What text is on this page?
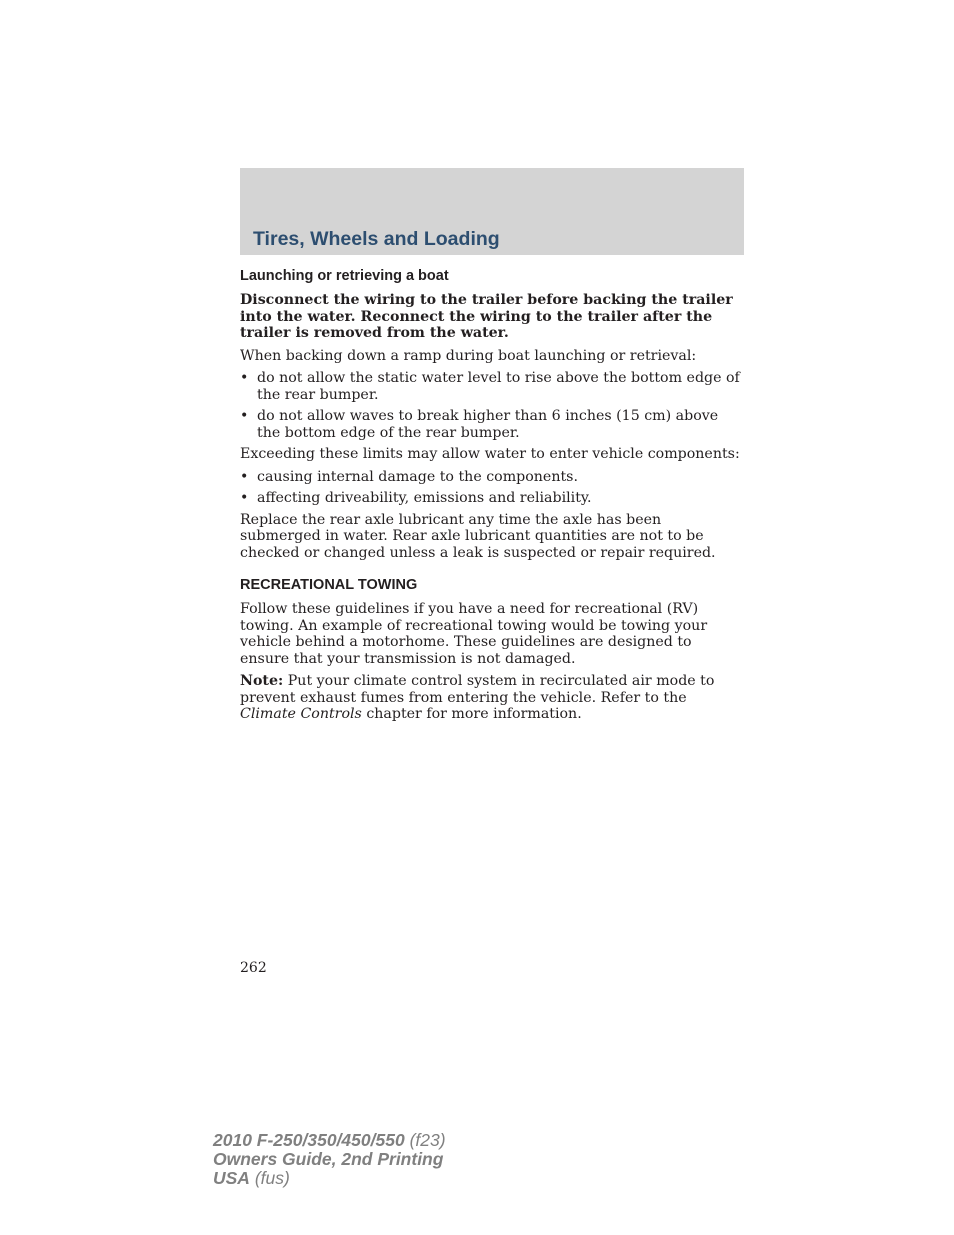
Tires, Wheels and Loading
Launching or retrieving a boat

Disconnect the wiring to the trailer before backing the trailer into the water. Reconnect the wiring to the trailer after the trailer is removed from the water.

When backing down a ramp during boat launching or retrieval:

• do not allow the static water level to rise above the bottom edge of the rear bumper.
• do not allow waves to break higher than 6 inches (15 cm) above the bottom edge of the rear bumper.

Exceeding these limits may allow water to enter vehicle components:

• causing internal damage to the components.
• affecting driveability, emissions and reliability.

Replace the rear axle lubricant any time the axle has been submerged in water. Rear axle lubricant quantities are not to be checked or changed unless a leak is suspected or repair required.

RECREATIONAL TOWING

Follow these guidelines if you have a need for recreational (RV) towing. An example of recreational towing would be towing your vehicle behind a motorhome. These guidelines are designed to ensure that your transmission is not damaged.

Note: Put your climate control system in recirculated air mode to prevent exhaust fumes from entering the vehicle. Refer to the Climate Controls chapter for more information.

262
2010 F-250/350/450/550 (f23)
Owners Guide, 2nd Printing
USA (fus)
